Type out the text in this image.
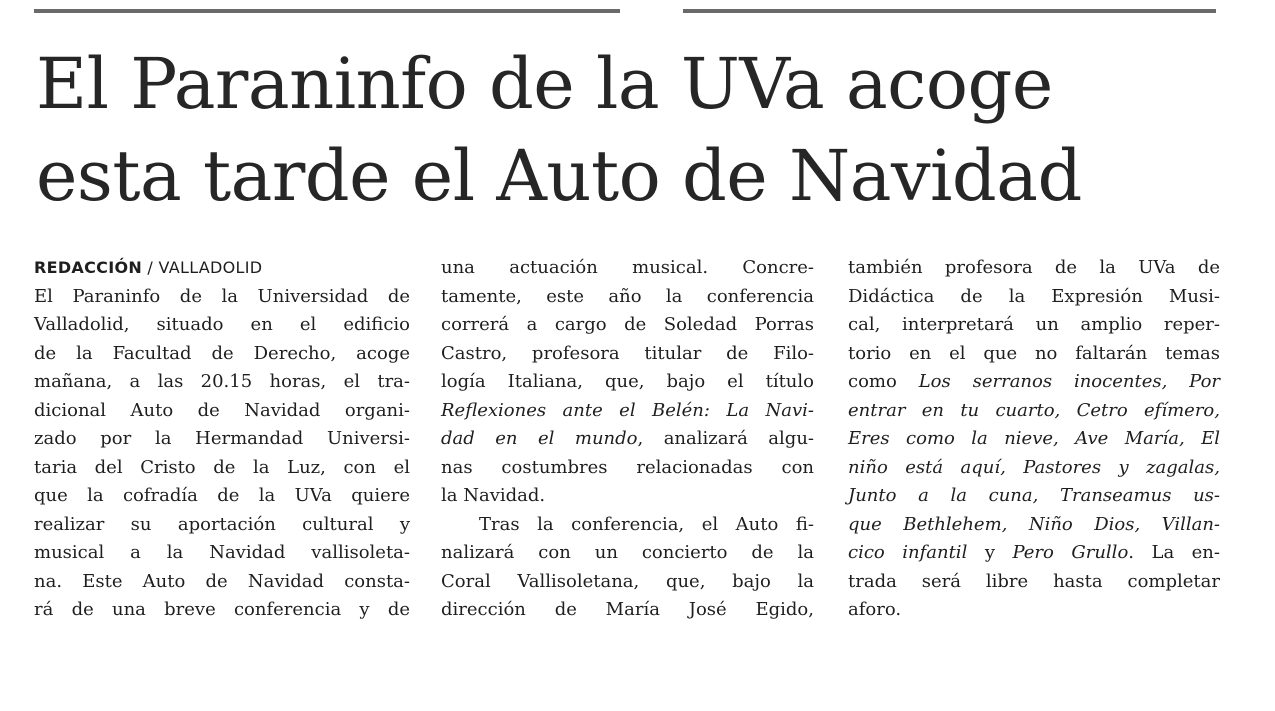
El Paraninfo de la UVa acoge
esta tarde el Auto de Navidad
REDACCIÓN / VALLADOLID
El Paraninfo de la Universidad de
Valladolid, situado en el edificio
de la Facultad de Derecho, acoge
mañana, a las 20.15 horas, el tra-
dicional Auto de Navidad organi-
zado por la Hermandad Universi-
taria del Cristo de la Luz, con el
que la cofradía de la UVa quiere
realizar su aportación cultural y
musical a la Navidad vallisoleta-
na. Este Auto de Navidad consta-
rá de una breve conferencia y de
una actuación musical. Concre-
tamente, este año la conferencia
correrá a cargo de Soledad Porras
Castro, profesora titular de Filo-
logía Italiana, que, bajo el título
Reflexiones ante el Belén: La Navi-
dad en el mundo, analizará algu-
nas costumbres relacionadas con
la Navidad.
Tras la conferencia, el Auto fi-
nalizará con un concierto de la
Coral Vallisoletana, que, bajo la
dirección de María José Egido,
también profesora de la UVa de
Didáctica de la Expresión Musi-
cal, interpretará un amplio reper-
torio en el que no faltarán temas
como Los serranos inocentes, Por
entrar en tu cuarto, Cetro efímero,
Eres como la nieve, Ave María, El
niño está aquí, Pastores y zagalas,
Junto a la cuna, Transeamus us-
que Bethlehem, Niño Dios, Villan-
cico infantil y Pero Grullo. La en-
trada será libre hasta completar
aforo.
